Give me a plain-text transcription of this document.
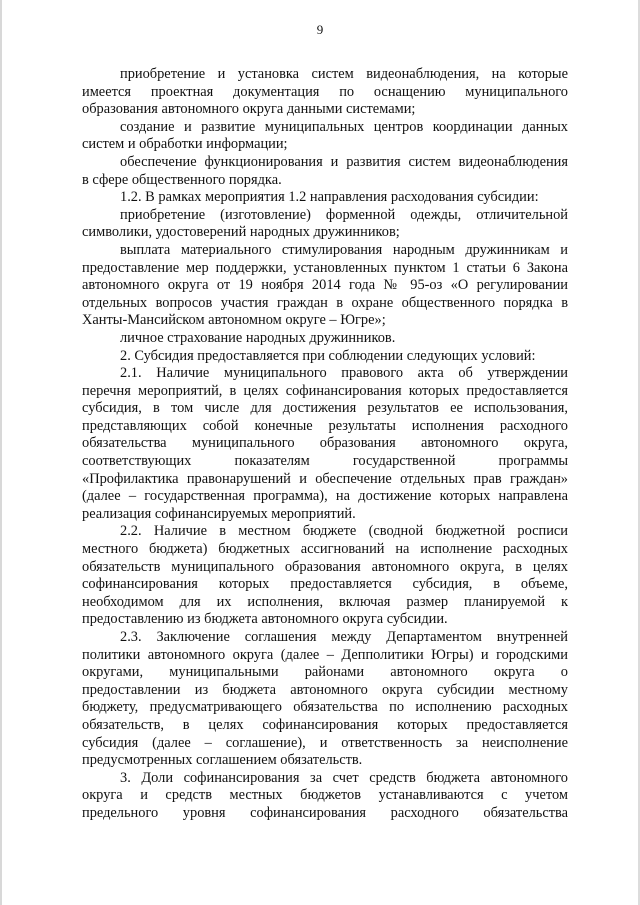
9
приобретение и установка систем видеонаблюдения, на которые
имеется проектная документация по оснащению муниципального
образования автономного округа данными системами;
создание и развитие муниципальных центров координации данных
систем и обработки информации;
обеспечение функционирования и развития систем видеонаблюдения
в сфере общественного порядка.
1.2. В рамках мероприятия 1.2 направления расходования субсидии:
приобретение (изготовление) форменной одежды, отличительной
символики, удостоверений народных дружинников;
выплата материального стимулирования народным дружинникам и
предоставление мер поддержки, установленных пунктом 1 статьи 6 Закона
автономного округа от 19 ноября 2014 года № 95-оз «О регулировании
отдельных вопросов участия граждан в охране общественного порядка в
Ханты-Мансийском автономном округе – Югре»;
личное страхование народных дружинников.
2. Субсидия предоставляется при соблюдении следующих условий:
2.1. Наличие муниципального правового акта об утверждении
перечня мероприятий, в целях софинансирования которых предоставляется
субсидия, в том числе для достижения результатов ее использования,
представляющих собой конечные результаты исполнения расходного
обязательства муниципального образования автономного округа,
соответствующих показателям государственной программы
«Профилактика правонарушений и обеспечение отдельных прав граждан»
(далее – государственная программа), на достижение которых направлена
реализация софинансируемых мероприятий.
2.2. Наличие в местном бюджете (сводной бюджетной росписи
местного бюджета) бюджетных ассигнований на исполнение расходных
обязательств муниципального образования автономного округа, в целях
софинансирования которых предоставляется субсидия, в объеме,
необходимом для их исполнения, включая размер планируемой к
предоставлению из бюджета автономного округа субсидии.
2.3. Заключение соглашения между Департаментом внутренней
политики автономного округа (далее – Депполитики Югры) и городскими
округами, муниципальными районами автономного округа о
предоставлении из бюджета автономного округа субсидии местному
бюджету, предусматривающего обязательства по исполнению расходных
обязательств, в целях софинансирования которых предоставляется
субсидия (далее – соглашение), и ответственность за неисполнение
предусмотренных соглашением обязательств.
3. Доли софинансирования за счет средств бюджета автономного
округа и средств местных бюджетов устанавливаются с учетом
предельного уровня софинансирования расходного обязательства
